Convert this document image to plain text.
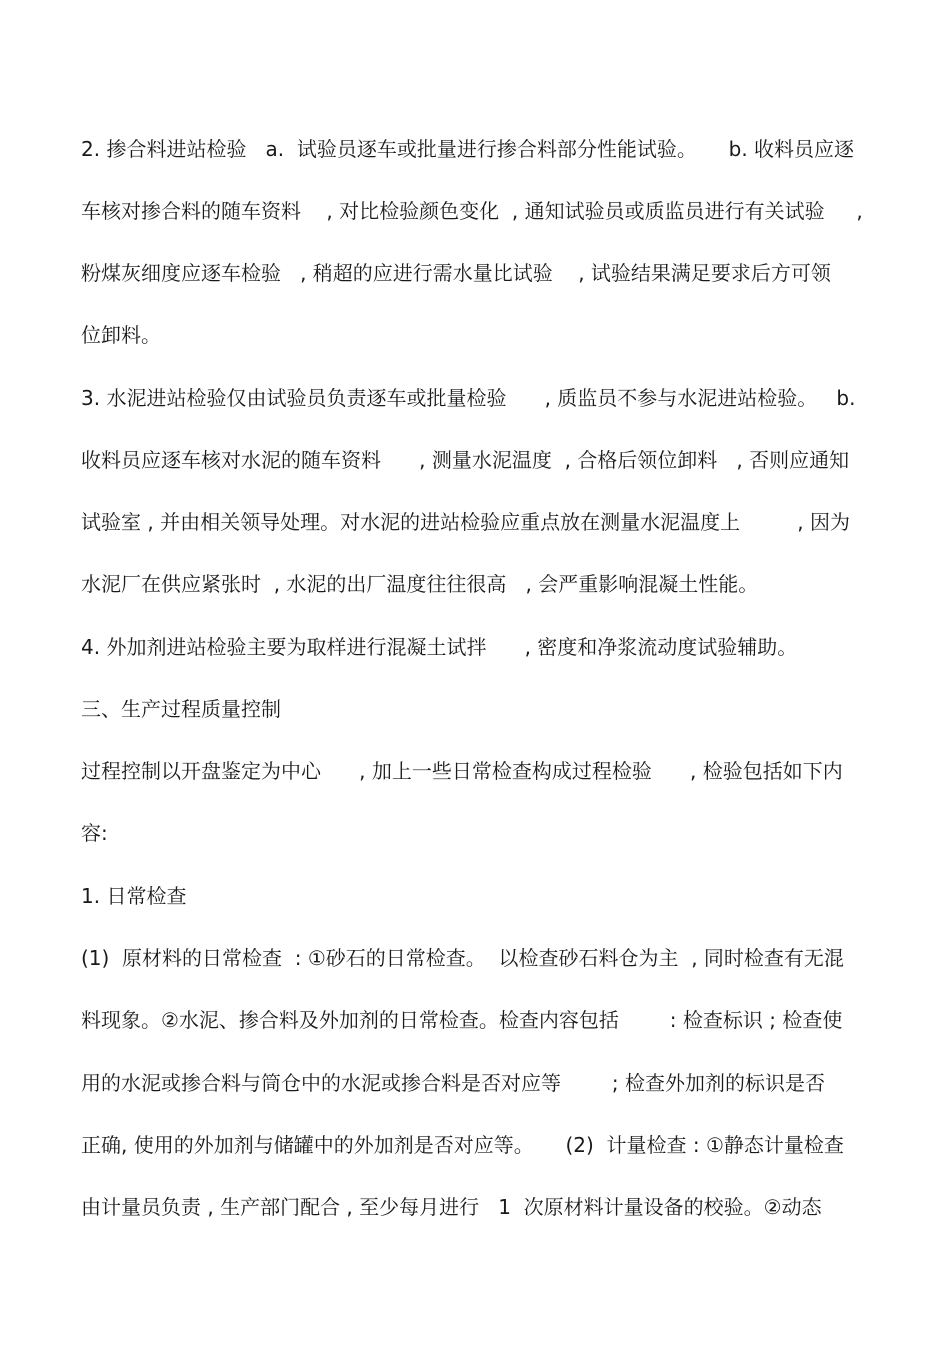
2. 掺合料进站检验   a.  试验员逐车或批量进行掺合料部分性能试验。     b. 收料员应逐
车核对掺合料的随车资料    , 对比检验颜色变化  , 通知试验员或质监员进行有关试验     ,
粉煤灰细度应逐车检验   , 稍超的应进行需水量比试验    , 试验结果满足要求后方可领
位卸料。
3. 水泥进站检验仅由试验员负责逐车或批量检验      , 质监员不参与水泥进站检验。   b.
收料员应逐车核对水泥的随车资料      , 测量水泥温度  , 合格后领位卸料   , 否则应通知
试验室 , 并由相关领导处理。对水泥的进站检验应重点放在测量水泥温度上         , 因为
水泥厂在供应紧张时  , 水泥的出厂温度往往很高   , 会严重影响混凝土性能。
4. 外加剂进站检验主要为取样进行混凝土试拌      , 密度和净浆流动度试验辅助。
三、生产过程质量控制
过程控制以开盘鉴定为中心      , 加上一些日常检查构成过程检验      , 检验包括如下内
容:
1. 日常检查
(1)  原材料的日常检查  : ①砂石的日常检查。  以检查砂石料仓为主  , 同时检查有无混
料现象。②水泥、掺合料及外加剂的日常检查。检查内容包括        : 检查标识 ; 检查使
用的水泥或掺合料与筒仓中的水泥或掺合料是否对应等        ; 检查外加剂的标识是否
正确, 使用的外加剂与储罐中的外加剂是否对应等。     (2)  计量检查 : ①静态计量检查
由计量员负责 , 生产部门配合 , 至少每月进行   1  次原材料计量设备的校验。②动态
